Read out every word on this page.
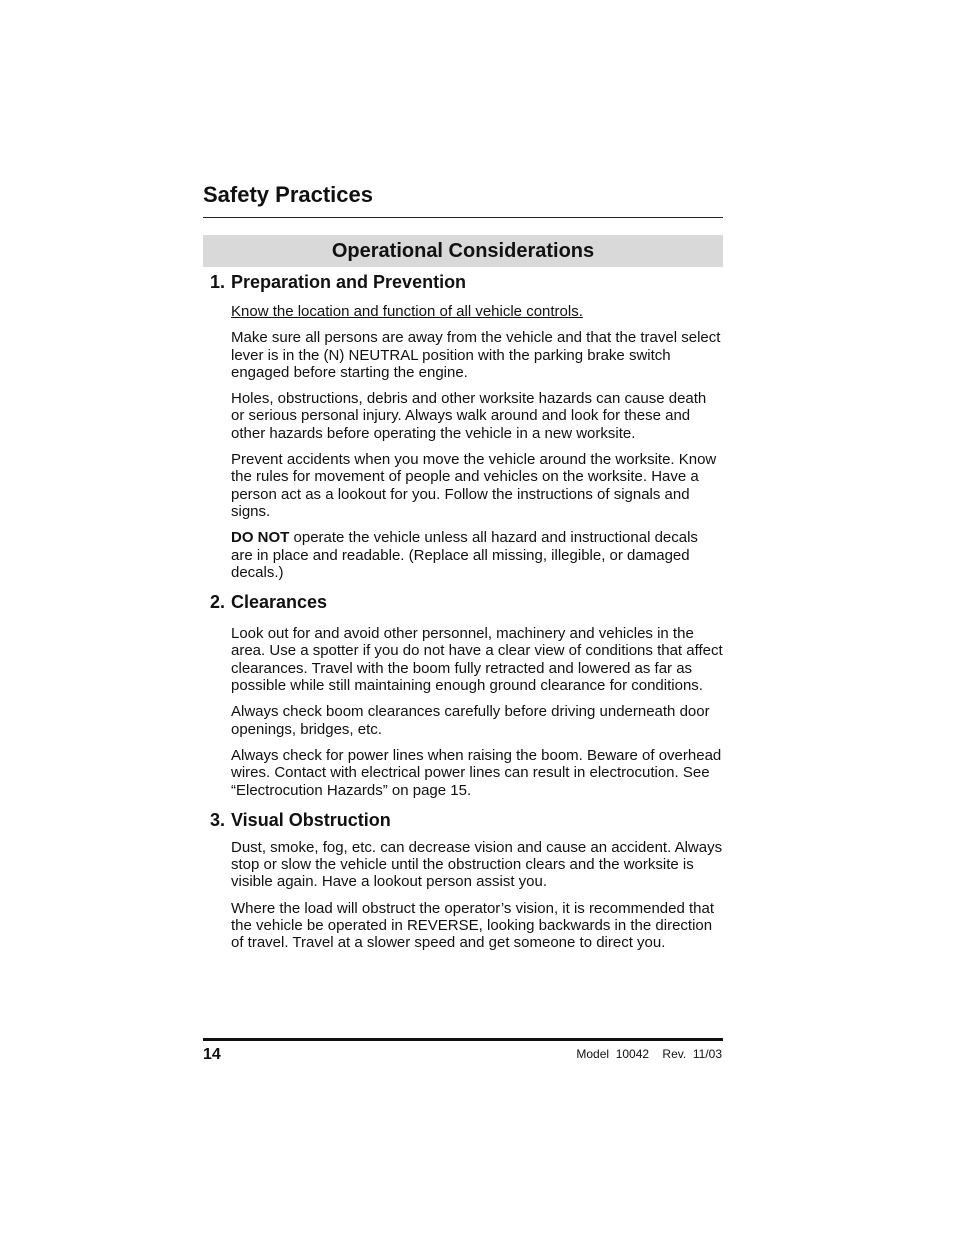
Safety Practices
Operational Considerations
1. Preparation and Prevention

Know the location and function of all vehicle controls.

Make sure all persons are away from the vehicle and that the travel select lever is in the (N) NEUTRAL position with the parking brake switch engaged before starting the engine.

Holes, obstructions, debris and other worksite hazards can cause death or serious personal injury. Always walk around and look for these and other hazards before operating the vehicle in a new worksite.

Prevent accidents when you move the vehicle around the worksite. Know the rules for movement of people and vehicles on the worksite. Have a person act as a lookout for you. Follow the instructions of signals and signs.

DO NOT operate the vehicle unless all hazard and instructional decals are in place and readable. (Replace all missing, illegible, or damaged decals.)

2. Clearances

Look out for and avoid other personnel, machinery and vehicles in the area. Use a spotter if you do not have a clear view of conditions that affect clearances. Travel with the boom fully retracted and lowered as far as possible while still maintaining enough ground clearance for conditions.

Always check boom clearances carefully before driving underneath door openings, bridges, etc.

Always check for power lines when raising the boom. Beware of overhead wires. Contact with electrical power lines can result in electrocution. See “Electrocution Hazards” on page 15.

3. Visual Obstruction

Dust, smoke, fog, etc. can decrease vision and cause an accident. Always stop or slow the vehicle until the obstruction clears and the worksite is visible again. Have a lookout person assist you.

Where the load will obstruct the operator’s vision, it is recommended that the vehicle be operated in REVERSE, looking backwards in the direction of travel. Travel at a slower speed and get someone to direct you.

14	Model  10042    Rev.  11/03
